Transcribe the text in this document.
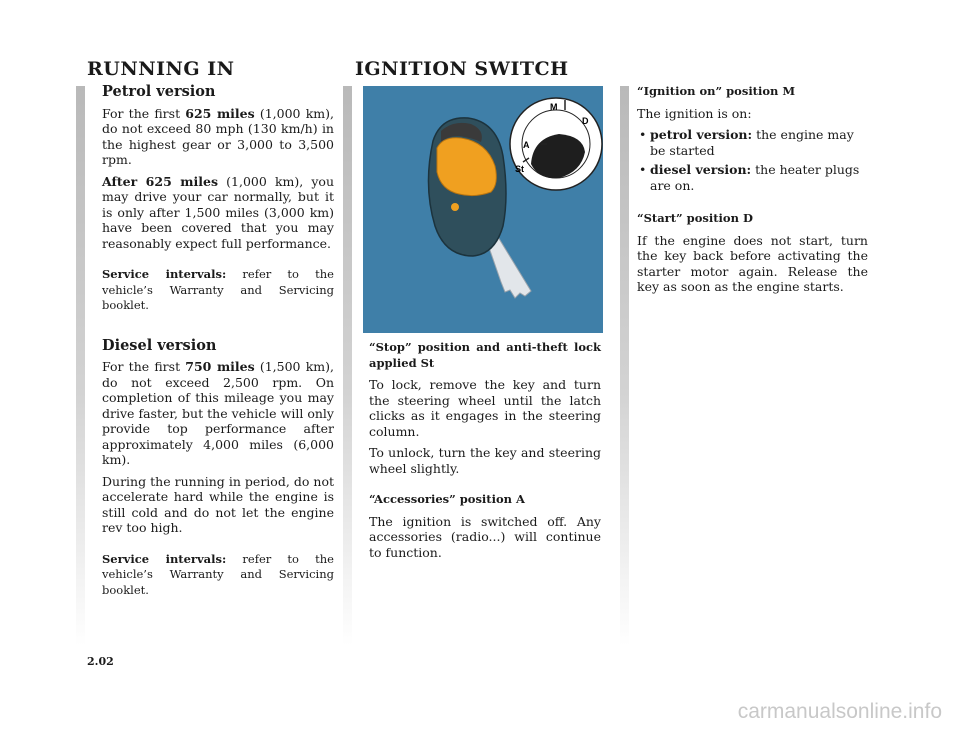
RUNNING IN	IGNITION SWITCH
Petrol version

For the first 625 miles (1,000 km), do not exceed 80 mph (130 km/h) in the highest gear or 3,000 to 3,500 rpm.

After 625 miles (1,000 km), you may drive your car normally, but it is only after 1,500 miles (3,000 km) have been covered that you may reasonably expect full performance.

Service intervals: refer to the vehicle’s Warranty and Servicing booklet.

Diesel version

For the first 750 miles (1,500 km), do not exceed 2,500 rpm. On completion of this mileage you may drive faster, but the vehicle will only provide top performance after approximately 4,000 miles (6,000 km).

During the running in period, do not accelerate hard while the engine is still cold and do not let the engine rev too high.

Service intervals: refer to the vehicle’s Warranty and Servicing booklet.

M
D
A
St

“Stop” position and anti-theft lock applied St

To lock, remove the key and turn the steering wheel until the latch clicks as it engages in the steering column.

To unlock, turn the key and steering wheel slightly.

“Accessories” position A

The ignition is switched off. Any accessories (radio...) will continue to function.

“Ignition on” position M

The ignition is on:

• petrol version: the engine may be started
• diesel version: the heater plugs are on.

“Start” position D

If the engine does not start, turn the key back before activating the starter motor again. Release the key as soon as the engine starts.

2.02
carmanualsonline.info
